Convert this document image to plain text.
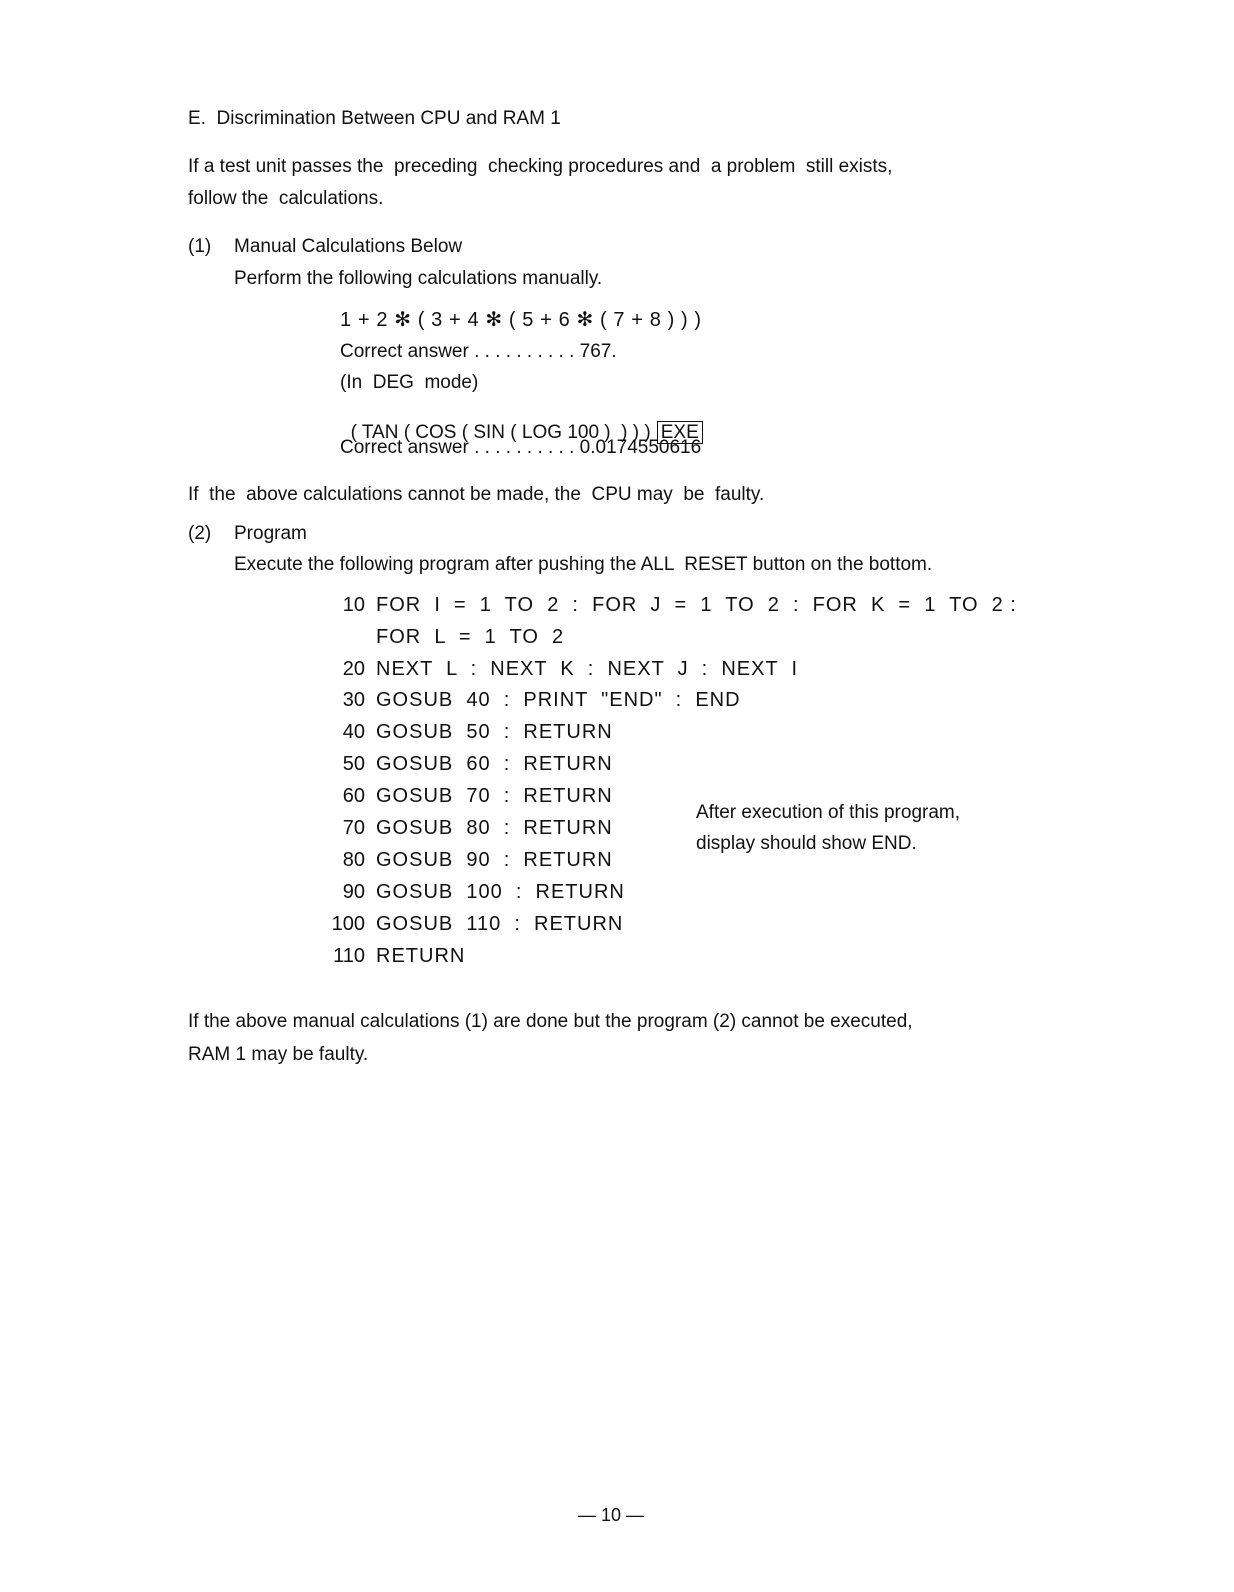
E.  Discrimination Between CPU and RAM 1
If a test unit passes the  preceding  checking procedures and  a problem  still exists,
follow the  calculations.
(1) Manual Calculations Below
Perform the following calculations manually.
1 + 2 ✻ ( 3 + 4 ✻ ( 5 + 6 ✻ ( 7 + 8 ) ) )
Correct answer . . . . . . . . . . 767.
(In  DEG  mode)

( TAN ( COS ( SIN ( LOG 100 )  ) ) ) EXE

Correct answer . . . . . . . . . . 0.0174550616
If  the  above calculations cannot be made, the  CPU may  be  faulty.
(2) Program
Execute the following program after pushing the ALL  RESET button on the bottom.
10 FOR  I  =  1  TO  2  :  FOR  J  =  1  TO  2  :  FOR  K  =  1  TO  2 :
FOR  L  =  1  TO  2
20 NEXT  L  :  NEXT  K  :  NEXT  J  :  NEXT  I
30 GOSUB  40  :  PRINT  "END"  :  END
40 GOSUB  50  :  RETURN
50 GOSUB  60  :  RETURN
60 GOSUB  70  :  RETURN
70 GOSUB  80  :  RETURN
80 GOSUB  90  :  RETURN
90 GOSUB  100  :  RETURN
100 GOSUB  110  :  RETURN
110 RETURN
After execution of this program,
display should show END.
If the above manual calculations (1) are done but the program (2) cannot be executed,
RAM 1 may be faulty.
— 10 —
